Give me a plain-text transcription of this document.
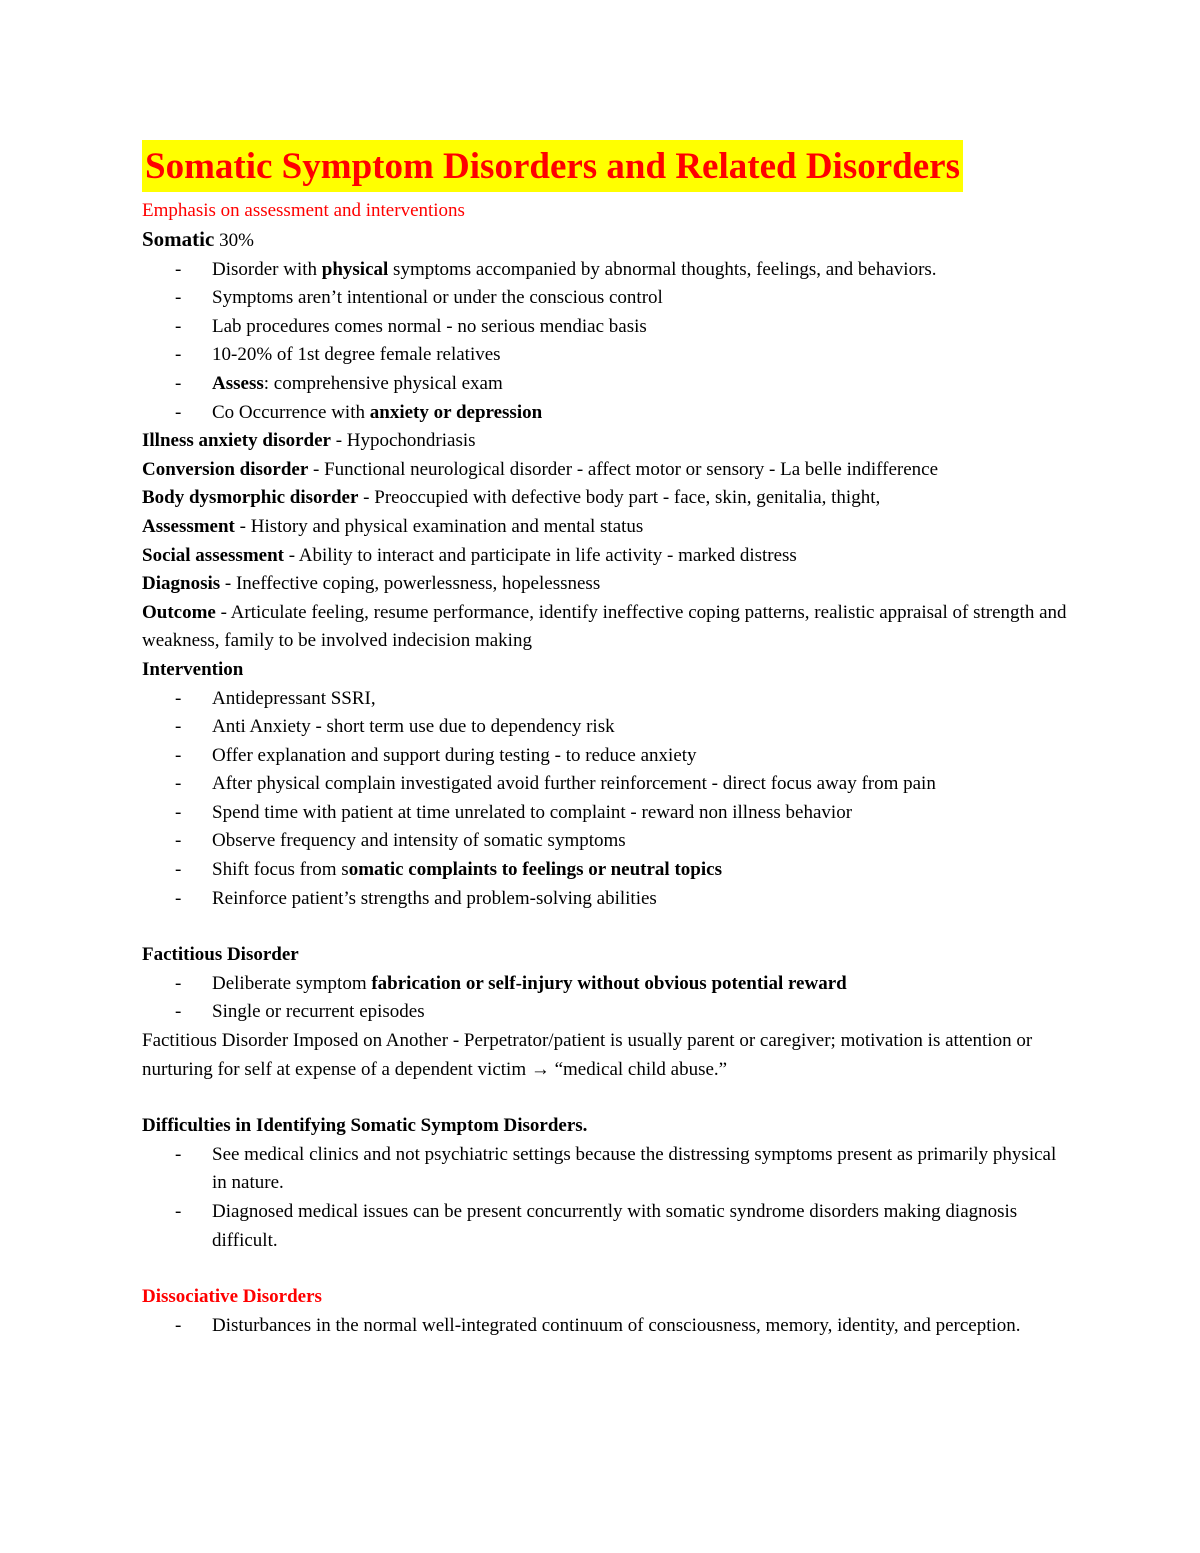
Somatic Symptom Disorders and Related Disorders
Emphasis on assessment and interventions
Somatic 30%
- Disorder with physical symptoms accompanied by abnormal thoughts, feelings, and behaviors.
- Symptoms aren’t intentional or under the conscious control
- Lab procedures comes normal - no serious mendiac basis
- 10-20% of 1st degree female relatives
- Assess: comprehensive physical exam
- Co Occurrence with anxiety or depression
Illness anxiety disorder - Hypochondriasis
Conversion disorder - Functional neurological disorder - affect motor or sensory - La belle indifference
Body dysmorphic disorder - Preoccupied with defective body part - face, skin, genitalia, thight,
Assessment - History and physical examination and mental status
Social assessment - Ability to interact and participate in life activity - marked distress
Diagnosis - Ineffective coping, powerlessness, hopelessness
Outcome - Articulate feeling, resume performance, identify ineffective coping patterns, realistic appraisal of strength and weakness, family to be involved indecision making
Intervention
- Antidepressant SSRI,
- Anti Anxiety - short term use due to dependency risk
- Offer explanation and support during testing - to reduce anxiety
- After physical complain investigated avoid further reinforcement - direct focus away from pain
- Spend time with patient at time unrelated to complaint - reward non illness behavior
- Observe frequency and intensity of somatic symptoms
- Shift focus from somatic complaints to feelings or neutral topics
- Reinforce patient’s strengths and problem-solving abilities
Factitious Disorder
- Deliberate symptom fabrication or self-injury without obvious potential reward
- Single or recurrent episodes
Factitious Disorder Imposed on Another - Perpetrator/patient is usually parent or caregiver; motivation is attention or nurturing for self at expense of a dependent victim → “medical child abuse.”
Difficulties in Identifying Somatic Symptom Disorders.
- See medical clinics and not psychiatric settings because the distressing symptoms present as primarily physical in nature.
- Diagnosed medical issues can be present concurrently with somatic syndrome disorders making diagnosis difficult.
Dissociative Disorders
- Disturbances in the normal well-integrated continuum of consciousness, memory, identity, and perception.
